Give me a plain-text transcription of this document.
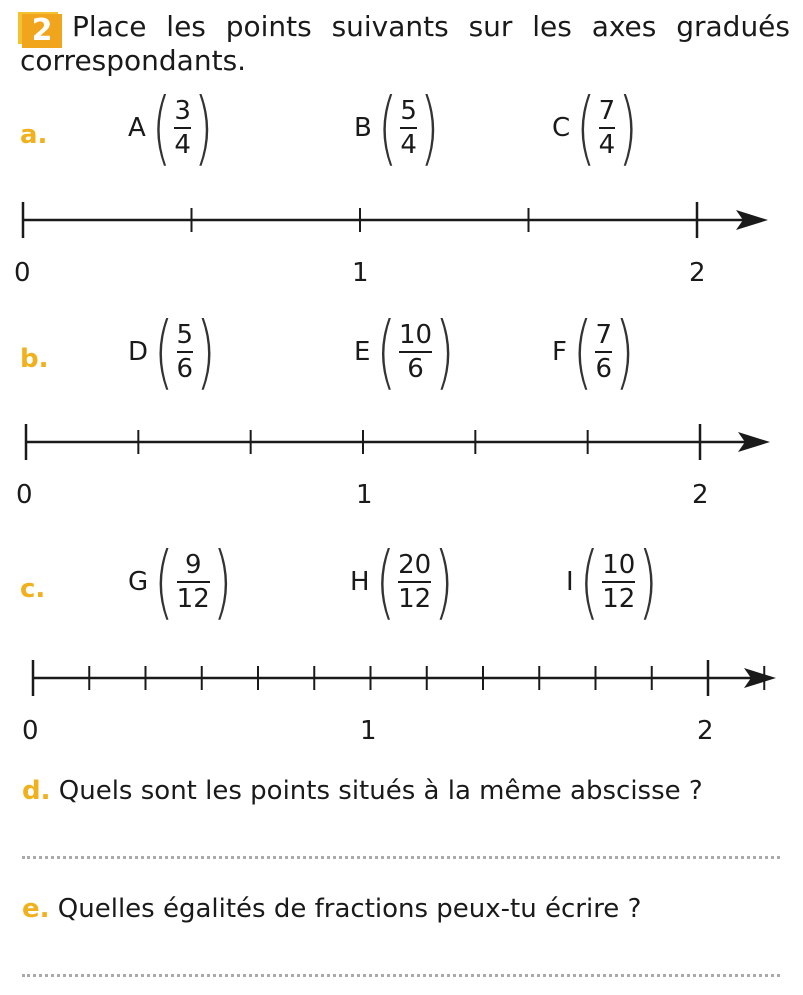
2 Place les points suivants sur les axes gradués
correspondants.
a.	A ( $\frac{3}{4}$ )	B ( $\frac{5}{4}$ )	C ( $\frac{7}{4}$ )
0	1	2
b.	D ( $\frac{5}{6}$ )	E ( $\frac{10}{6}$ )	F ( $\frac{7}{6}$ )
0	1	2
c.	G ( $\frac{9}{12}$ )	H ( $\frac{20}{12}$ )	I ( $\frac{10}{12}$ )
0	1	2
d. Quels sont les points situés à la même abscisse ?
e. Quelles égalités de fractions peux-tu écrire ?
